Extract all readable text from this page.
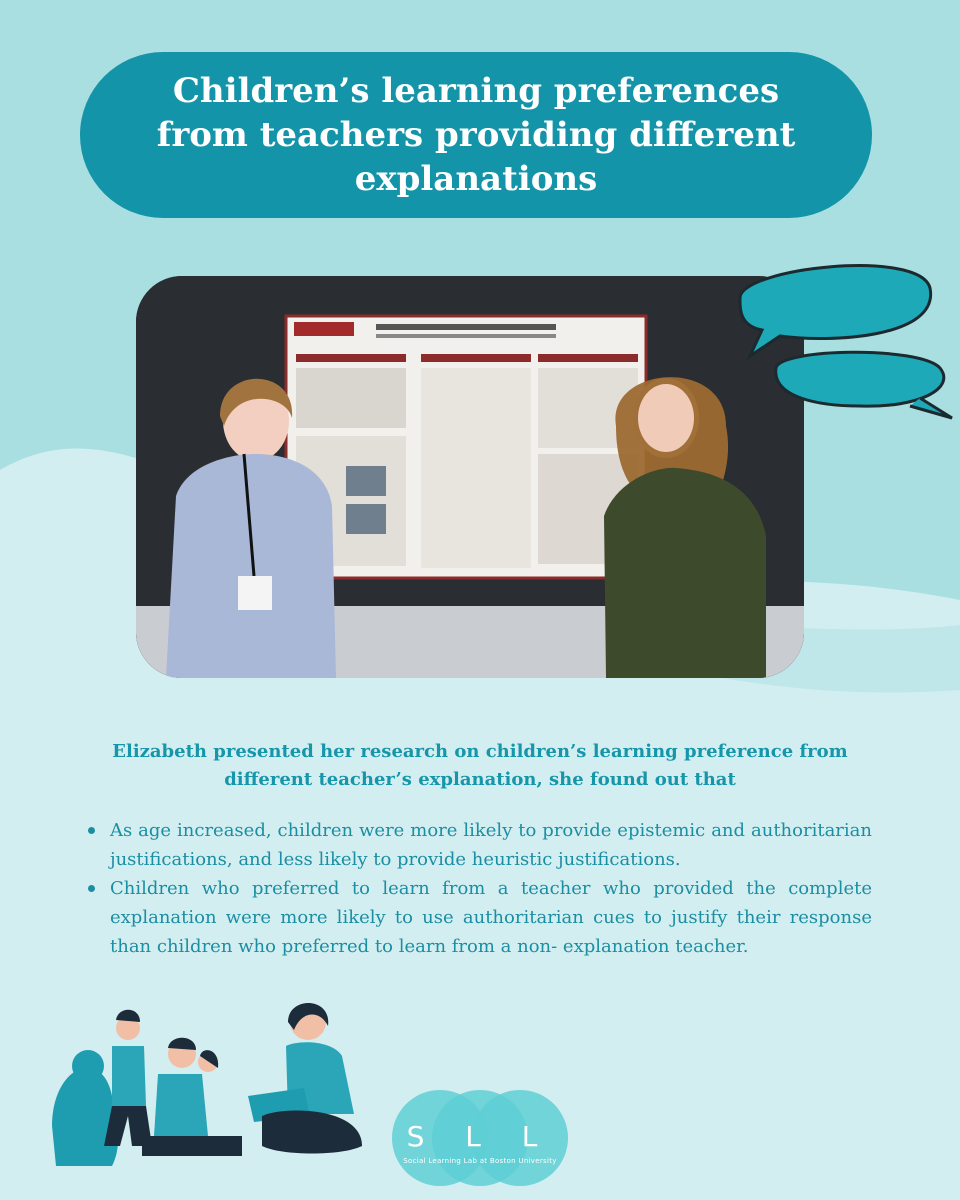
Children’s learning preferences from teachers providing different explanations
Elizabeth presented her research on children’s learning preference from different teacher’s explanation, she found out that
As age increased, children were more likely to provide epistemic and authoritarian justifications, and less likely to provide heuristic justifications.
Children who preferred to learn from a teacher who provided the complete explanation were more likely to use authoritarian cues to justify their response than children who preferred to learn from a non- explanation teacher.
S L L
Social Learning Lab at Boston University
